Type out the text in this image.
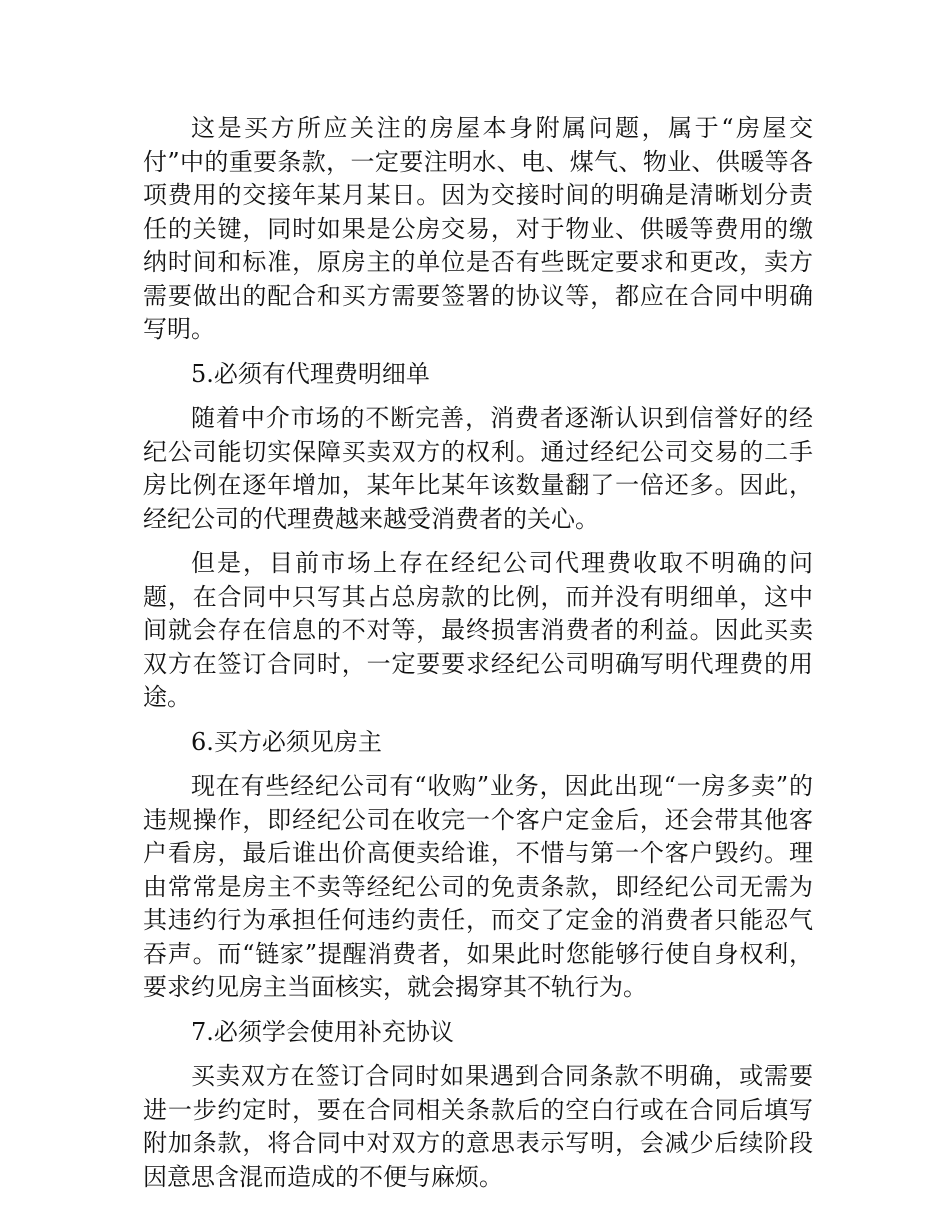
这是买方所应关注的房屋本身附属问题，属于“房屋交付”中的重要条款，一定要注明水、电、煤气、物业、供暖等各项费用的交接年某月某日。因为交接时间的明确是清晰划分责任的关键，同时如果是公房交易，对于物业、供暖等费用的缴纳时间和标准，原房主的单位是否有些既定要求和更改，卖方需要做出的配合和买方需要签署的协议等，都应在合同中明确写明。

5.必须有代理费明细单

随着中介市场的不断完善，消费者逐渐认识到信誉好的经纪公司能切实保障买卖双方的权利。通过经纪公司交易的二手房比例在逐年增加，某年比某年该数量翻了一倍还多。因此，经纪公司的代理费越来越受消费者的关心。

但是，目前市场上存在经纪公司代理费收取不明确的问题，在合同中只写其占总房款的比例，而并没有明细单，这中间就会存在信息的不对等，最终损害消费者的利益。因此买卖双方在签订合同时，一定要要求经纪公司明确写明代理费的用途。

6.买方必须见房主

现在有些经纪公司有“收购”业务，因此出现“一房多卖”的违规操作，即经纪公司在收完一个客户定金后，还会带其他客户看房，最后谁出价高便卖给谁，不惜与第一个客户毁约。理由常常是房主不卖等经纪公司的免责条款，即经纪公司无需为其违约行为承担任何违约责任，而交了定金的消费者只能忍气吞声。而“链家”提醒消费者，如果此时您能够行使自身权利，要求约见房主当面核实，就会揭穿其不轨行为。

7.必须学会使用补充协议

买卖双方在签订合同时如果遇到合同条款不明确，或需要进一步约定时，要在合同相关条款后的空白行或在合同后填写附加条款，将合同中对双方的意思表示写明，会减少后续阶段因意思含混而造成的不便与麻烦。
